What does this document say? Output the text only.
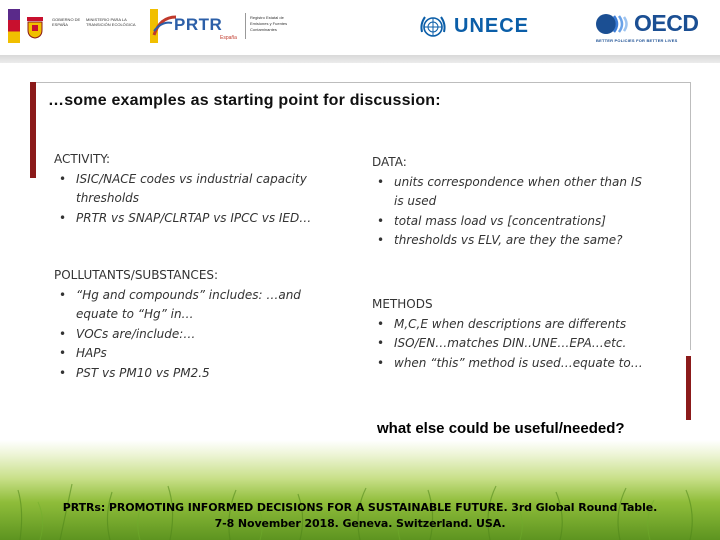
GOBIERNO DE ESPAÑA
MINISTERIO PARA LA TRANSICIÓN ECOLÓGICA	PRTR
España
Registro Estatal de Emisiones y Fuentes Contaminantes	UNECE	OECD
BETTER POLICIES FOR BETTER LIVES
…some examples as starting point for discussion:
ACTIVITY:
• ISIC/NACE codes vs industrial capacity thresholds
• PRTR vs SNAP/CLRTAP vs IPCC vs IED…
POLLUTANTS/SUBSTANCES:
• “Hg and compounds” includes: …and equate to “Hg” in…
• VOCs are/include:…
• HAPs
• PST vs PM10 vs PM2.5
DATA:
• units correspondence when other than IS is used
• total mass load vs [concentrations]
• thresholds vs ELV, are they the same?
METHODS
• M,C,E when descriptions are differents
• ISO/EN…matches DIN..UNE…EPA…etc.
• when “this” method is used…equate to…
what else could be useful/needed?
PRTRs: PROMOTING INFORMED DECISIONS FOR A SUSTAINABLE FUTURE. 3rd Global Round Table.
7-8 November 2018. Geneva. Switzerland. USA.
